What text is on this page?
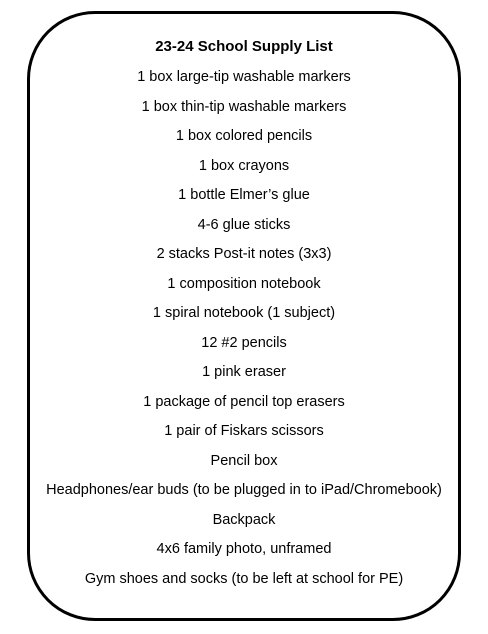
23-24 School Supply List
1 box large-tip washable markers
1 box thin-tip washable markers
1 box colored pencils
1 box crayons
1 bottle Elmer’s glue
4-6 glue sticks
2 stacks Post-it notes (3x3)
1 composition notebook
1 spiral notebook (1 subject)
12 #2 pencils
1 pink eraser
1 package of pencil top erasers
1 pair of Fiskars scissors
Pencil box
Headphones/ear buds (to be plugged in to iPad/Chromebook)
Backpack
4x6 family photo, unframed
Gym shoes and socks (to be left at school for PE)
